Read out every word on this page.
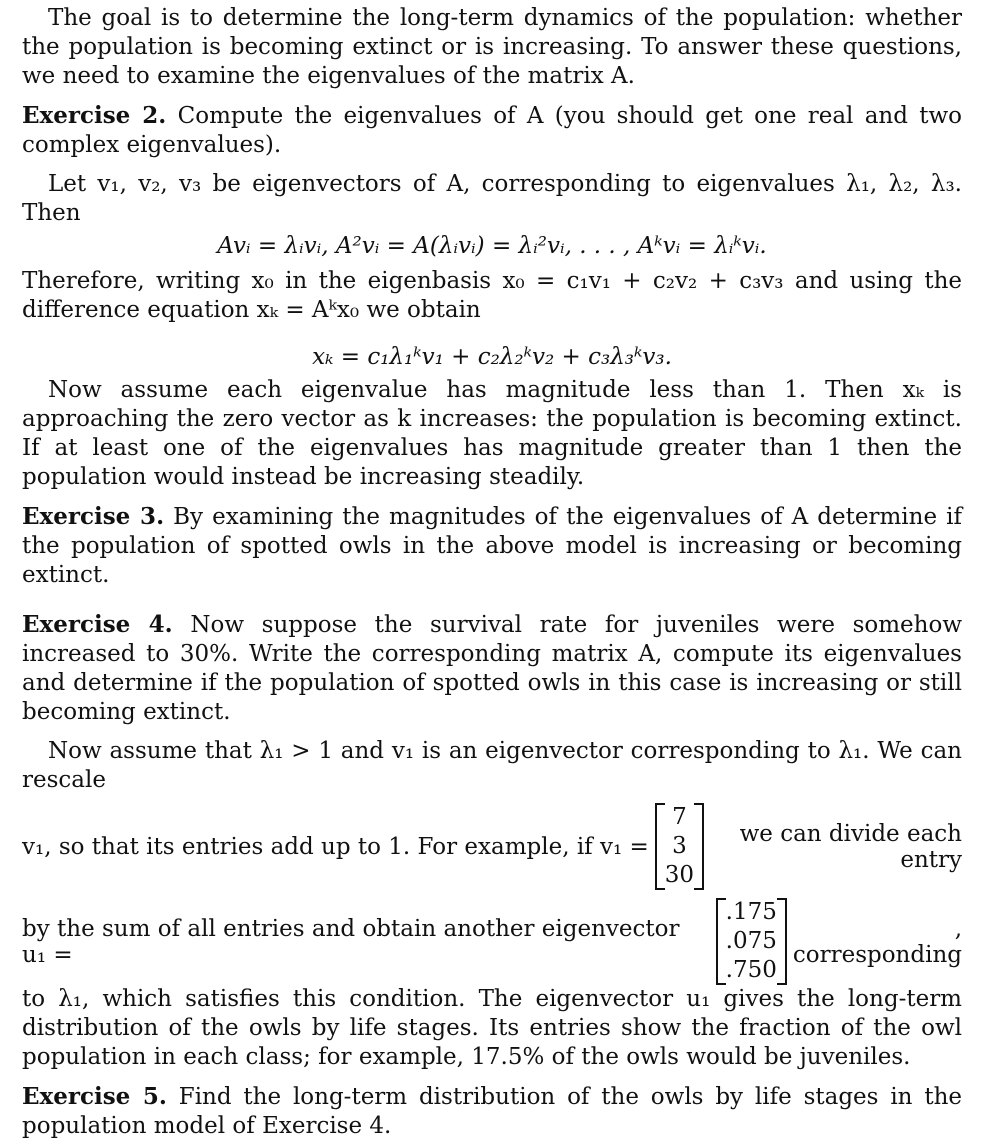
The goal is to determine the long-term dynamics of the population: whether the population is becoming extinct or is increasing. To answer these questions, we need to examine the eigenvalues of the matrix A.

Exercise 2. Compute the eigenvalues of A (you should get one real and two complex eigenvalues).

Let v₁, v₂, v₃ be eigenvectors of A, corresponding to eigenvalues λ₁, λ₂, λ₃. Then

Avᵢ = λᵢvᵢ, A²vᵢ = A(λᵢvᵢ) = λᵢ²vᵢ, . . . , Aᵏvᵢ = λᵢᵏvᵢ.

Therefore, writing x₀ in the eigenbasis x₀ = c₁v₁ + c₂v₂ + c₃v₃ and using the difference equation xₖ = Aᵏx₀ we obtain

xₖ = c₁λ₁ᵏv₁ + c₂λ₂ᵏv₂ + c₃λ₃ᵏv₃.

Now assume each eigenvalue has magnitude less than 1. Then xₖ is approaching the zero vector as k increases: the population is becoming extinct. If at least one of the eigenvalues has magnitude greater than 1 then the population would instead be increasing steadily.

Exercise 3. By examining the magnitudes of the eigenvalues of A determine if the population of spotted owls in the above model is increasing or becoming extinct.

Exercise 4. Now suppose the survival rate for juveniles were somehow increased to 30%. Write the corresponding matrix A, compute its eigenvalues and determine if the population of spotted owls in this case is increasing or still becoming extinct.

Now assume that λ₁ > 1 and v₁ is an eigenvector corresponding to λ₁. We can rescale

v₁, so that its entries add up to 1. For example, if v₁ =
7
3
30
we can divide each entry
by the sum of all entries and obtain another eigenvector u₁ =
.175
.075
.750
, corresponding

to λ₁, which satisfies this condition. The eigenvector u₁ gives the long-term distribution of the owls by life stages. Its entries show the fraction of the owl population in each class; for example, 17.5% of the owls would be juveniles.

Exercise 5. Find the long-term distribution of the owls by life stages in the population model of Exercise 4.
